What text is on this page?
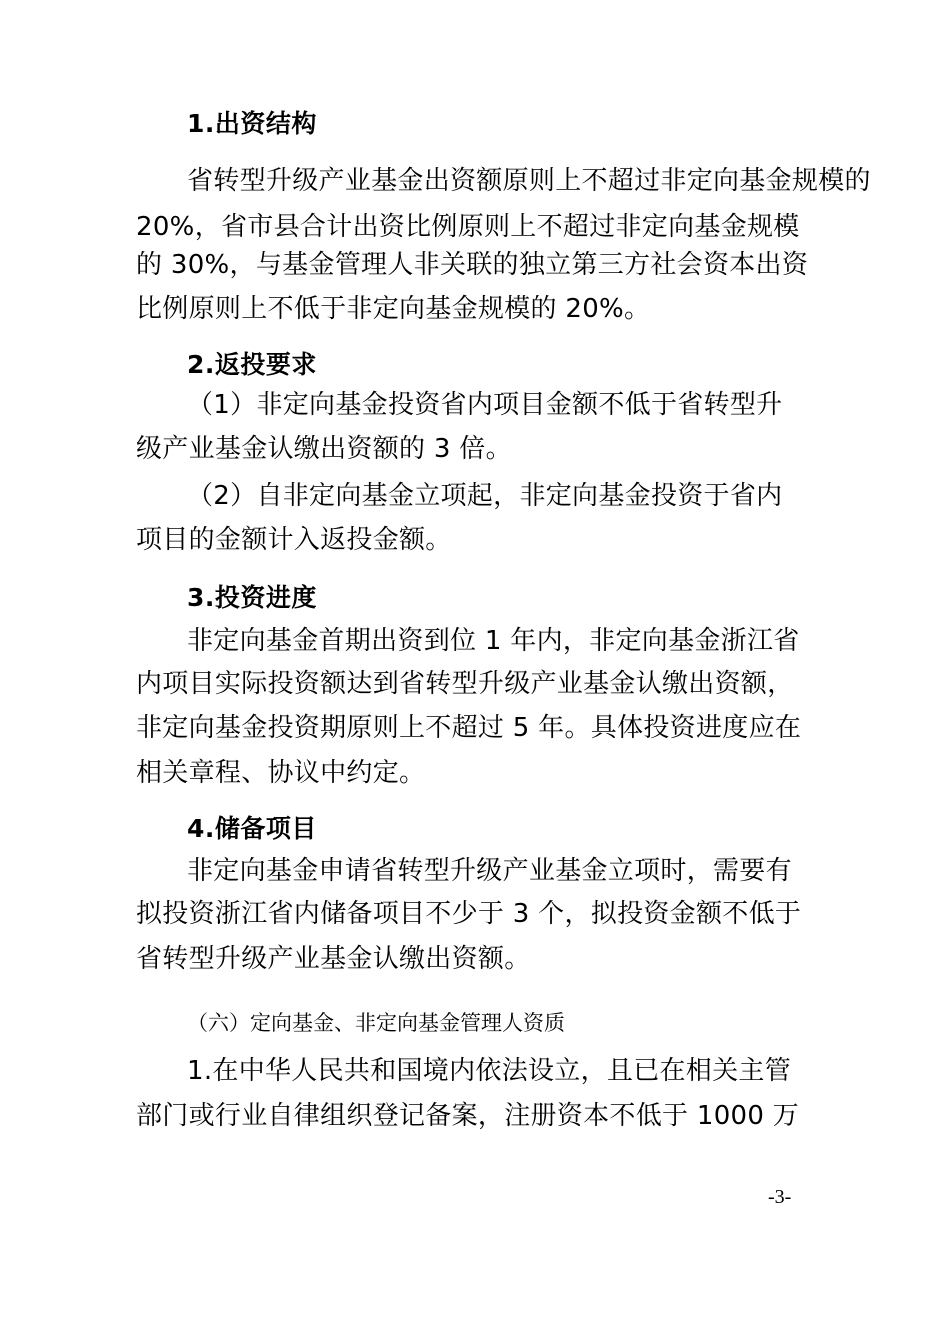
1.出资结构
省转型升级产业基金出资额原则上不超过非定向基金规模的
20%，省市县合计出资比例原则上不超过非定向基金规模
的 30%，与基金管理人非关联的独立第三方社会资本出资
比例原则上不低于非定向基金规模的 20%。
2.返投要求
（1）非定向基金投资省内项目金额不低于省转型升
级产业基金认缴出资额的 3 倍。
（2）自非定向基金立项起，非定向基金投资于省内
项目的金额计入返投金额。
3.投资进度
非定向基金首期出资到位 1 年内，非定向基金浙江省
内项目实际投资额达到省转型升级产业基金认缴出资额，
非定向基金投资期原则上不超过 5 年。具体投资进度应在
相关章程、协议中约定。
4.储备项目
非定向基金申请省转型升级产业基金立项时，需要有
拟投资浙江省内储备项目不少于 3 个，拟投资金额不低于
省转型升级产业基金认缴出资额。
（六）定向基金、非定向基金管理人资质
1.在中华人民共和国境内依法设立，且已在相关主管
部门或行业自律组织登记备案，注册资本不低于 1000 万
-3-
